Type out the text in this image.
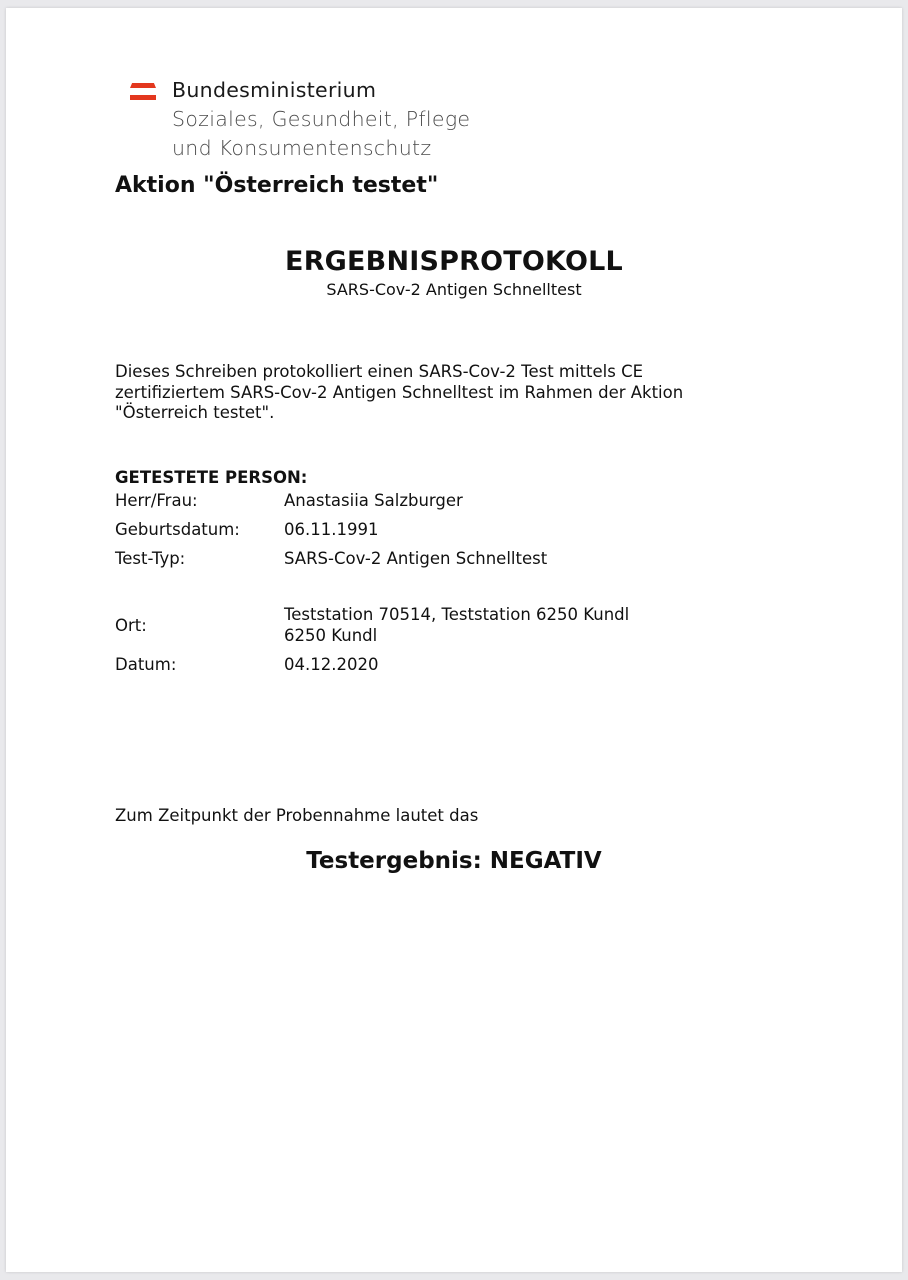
Bundesministerium
Soziales, Gesundheit, Pflege
und Konsumentenschutz
Aktion "Österreich testet"
ERGEBNISPROTOKOLL
SARS-Cov-2 Antigen Schnelltest
Dieses Schreiben protokolliert einen SARS-Cov-2 Test mittels CE
zertifiziertem SARS-Cov-2 Antigen Schnelltest im Rahmen der Aktion
"Österreich testet".
GETESTETE PERSON:
Herr/Frau:	Anastasiia Salzburger
Geburtsdatum:	06.11.1991
Test-Typ:	SARS-Cov-2 Antigen Schnelltest
Ort:
Teststation 70514, Teststation 6250 Kundl
6250 Kundl
Datum:	04.12.2020
Zum Zeitpunkt der Probennahme lautet das
Testergebnis: NEGATIV
